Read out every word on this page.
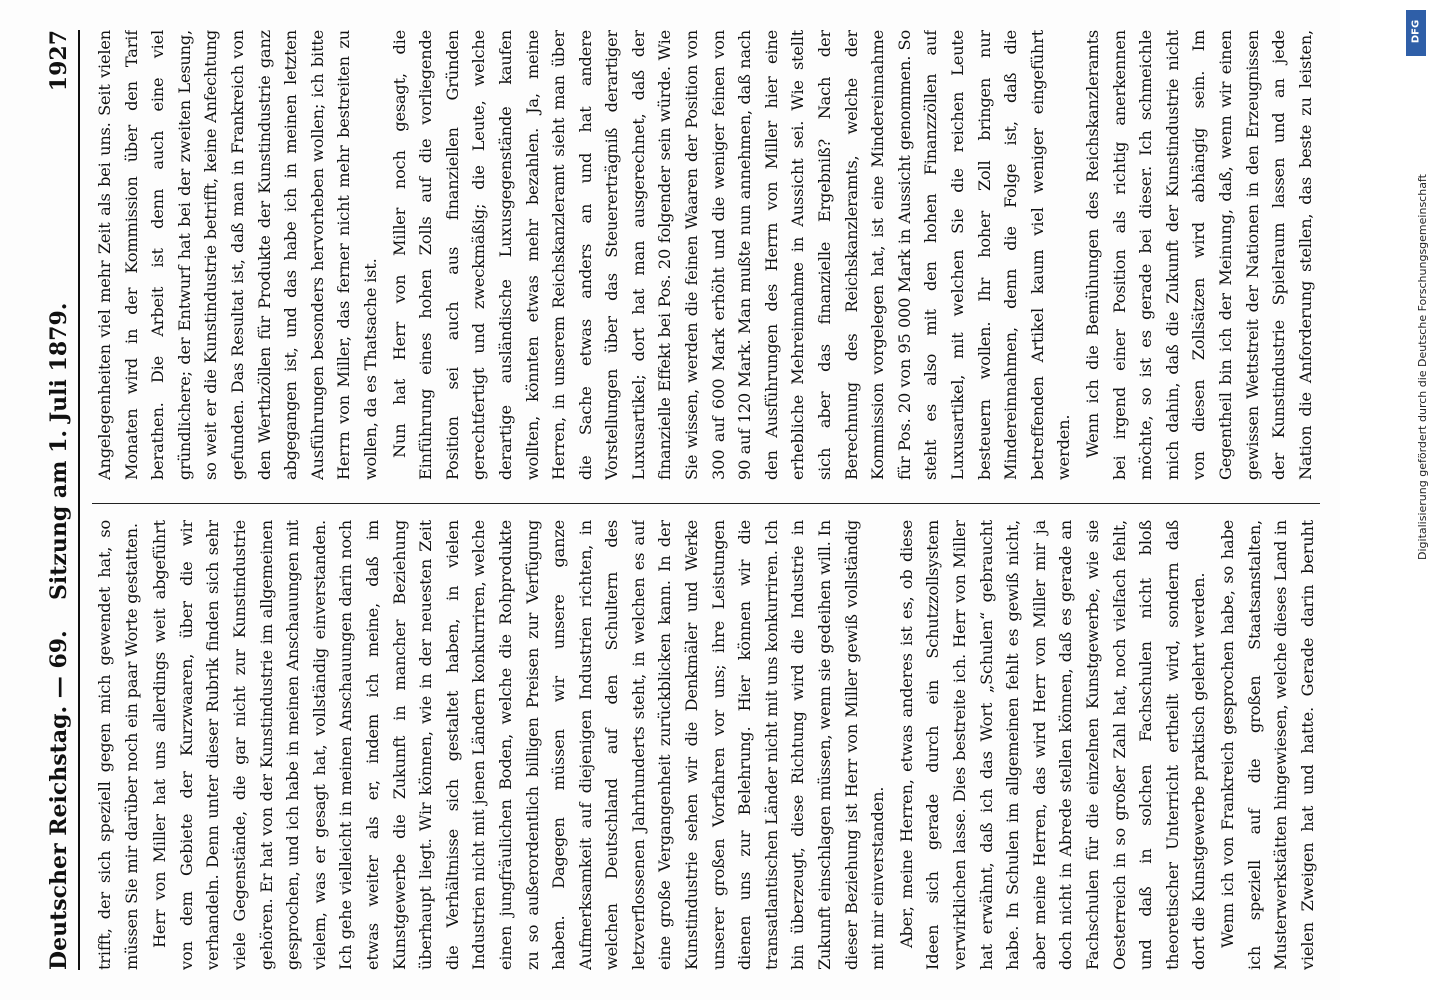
Deutscher Reichstag. — 69.
Sitzung am 1. Juli 1879.
1927

trifft, der sich speziell gegen mich gewendet hat, so müssen Sie mir darüber noch ein paar Worte gestatten. Herr von Miller hat uns allerdings weit abgeführt von dem Gebiete der Kurzwaaren, über die wir verhandeln. Denn unter dieser Rubrik finden sich sehr viele Gegenstände, die gar nicht zur Kunstindustrie gehören. Er hat von der Kunstindustrie im allgemeinen gesprochen, und ich habe in meinen Anschauungen mit vielem, was er gesagt hat, vollständig einverstanden. Ich gehe vielleicht in meinen Anschauungen darin noch etwas weiter als er, indem ich meine, daß im Kunstgewerbe die Zukunft in mancher Beziehung überhaupt liegt. Wir können, wie in der neuesten Zeit die Verhältnisse sich gestaltet haben, in vielen Industrien nicht mit jenen Ländern konkurriren, welche einen jungfräulichen Boden, welche die Rohprodukte zu so außerordentlich billigen Preisen zur Verfügung haben. Dagegen müssen wir unsere ganze Aufmerksamkeit auf diejenigen Industrien richten, in welchen Deutschland auf den Schultern des letzverflossenen Jahrhunderts steht, in welchen es auf eine große Vergangenheit zurückblicken kann. In der Kunstindustrie sehen wir die Denkmäler und Werke unserer großen Vorfahren vor uns; ihre Leistungen dienen uns zur Belehrung. Hier können wir die transatlantischen Länder nicht mit uns konkurriren. Ich bin überzeugt, diese Richtung wird die Industrie in Zukunft einschlagen müssen, wenn sie gedeihen will. In dieser Beziehung ist Herr von Miller gewiß vollständig mit mir einverstanden. Aber, meine Herren, etwas anderes ist es, ob diese Ideen sich gerade durch ein Schutzzollsystem verwirklichen lasse. Dies bestreite ich. Herr von Miller hat erwähnt, daß ich das Wort „Schulen“ gebraucht habe. In Schulen im allgemeinen fehlt es gewiß nicht, aber meine Herren, das wird Herr von Miller mir ja doch nicht in Abrede stellen können, daß es gerade an Fachschulen für die einzelnen Kunstgewerbe, wie sie Oesterreich in so großer Zahl hat, noch vielfach fehlt, und daß in solchen Fachschulen nicht bloß theoretischer Unterricht ertheilt wird, sondern daß dort die Kunstgewerbe praktisch gelehrt werden. Wenn ich von Frankreich gesprochen habe, so habe ich speziell auf die großen Staatsanstalten, Musterwerkstätten hingewiesen, welche dieses Land in vielen Zweigen hat und hatte. Gerade darin beruht

Angelegenheiten viel mehr Zeit als bei uns. Seit vielen Monaten wird in der Kommission über den Tarif berathen. Die Arbeit ist denn auch eine viel gründlichere; der Entwurf hat bei der zweiten Lesung, so weit er die Kunstindustrie betrifft, keine Anfechtung gefunden. Das Resultat ist, daß man in Frankreich von den Werthzöllen für Produkte der Kunstindustrie ganz abgegangen ist, und das habe ich in meinen letzten Ausführungen besonders hervorheben wollen; ich bitte Herrn von Miller, das ferner nicht mehr bestreiten zu wollen, da es Thatsache ist. Nun hat Herr von Miller noch gesagt, die Einführung eines hohen Zolls auf die vorliegende Position sei auch aus finanziellen Gründen gerechtfertigt und zweckmäßig; die Leute, welche derartige ausländische Luxusgegenstände kaufen wollten, könnten etwas mehr bezahlen. Ja, meine Herren, in unserem Reichskanzleramt sieht man über die Sache etwas anders an und hat andere Vorstellungen über das Steuererträgniß derartiger Luxusartikel; dort hat man ausgerechnet, daß der finanzielle Effekt bei Pos. 20 folgender sein würde. Wie Sie wissen, werden die feinen Waaren der Position von 300 auf 600 Mark erhöht und die weniger feinen von 90 auf 120 Mark. Man mußte nun annehmen, daß nach den Ausführungen des Herrn von Miller hier eine erhebliche Mehreinnahme in Aussicht sei. Wie stellt sich aber das finanzielle Ergebniß? Nach der Berechnung des Reichskanzleramts, welche der Kommission vorgelegen hat, ist eine Mindereinnahme für Pos. 20 von 95 000 Mark in Aussicht genommen. So steht es also mit den hohen Finanzzöllen auf Luxusartikel, mit welchen Sie die reichen Leute besteuern wollen. Ihr hoher Zoll bringen nur Mindereinnahmen, denn die Folge ist, daß die betreffenden Artikel kaum viel weniger eingeführt werden. Wenn ich die Bemühungen des Reichskanzleramts bei irgend einer Position als richtig anerkennen möchte, so ist es gerade bei dieser. Ich schmeichle mich dahin, daß die Zukunft der Kunstindustrie nicht von diesen Zollsätzen wird abhängig sein. Im Gegentheil bin ich der Meinung, daß, wenn wir einen gewissen Wettstreit der Nationen in den Erzeugnissen der Kunstindustrie Spielraum lassen und an jede Nation die Anforderung stellen, das beste zu leisten,	DFG
Digitalisierung gefördert durch die Deutsche Forschungsgemeinschaft
